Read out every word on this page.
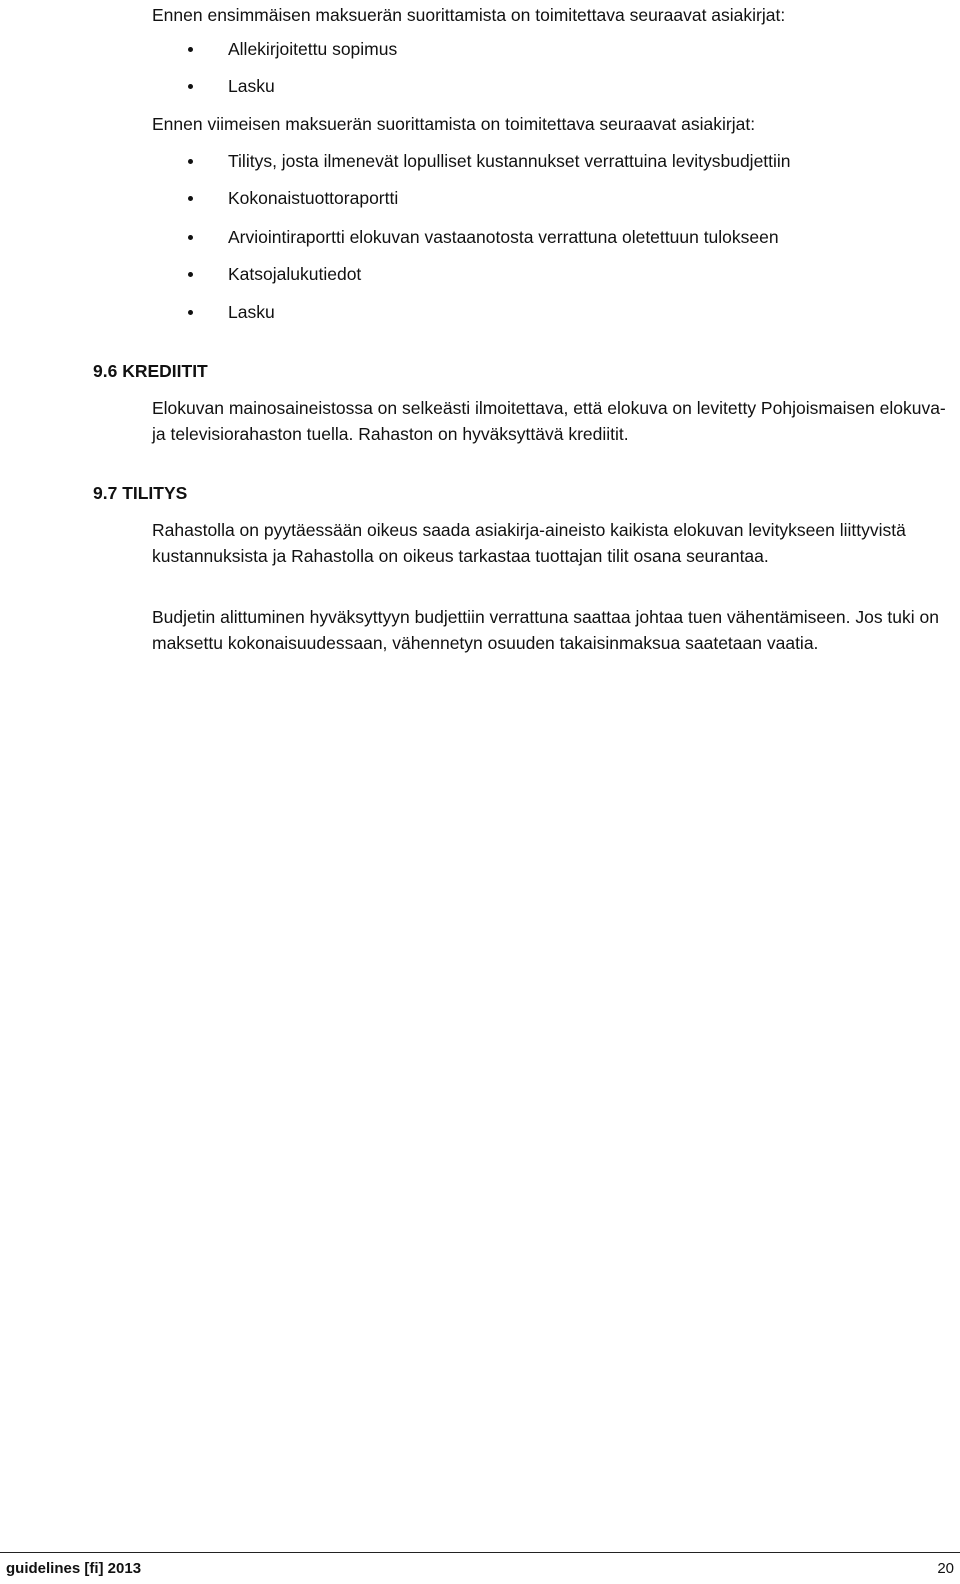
Ennen ensimmäisen maksuerän suorittamista on toimitettava seuraavat asiakirjat:
Allekirjoitettu sopimus
Lasku
Ennen viimeisen maksuerän suorittamista on toimitettava seuraavat asiakirjat:
Tilitys, josta ilmenevät lopulliset kustannukset verrattuina levitysbudjettiin
Kokonaistuottoraportti
Arviointiraportti elokuvan vastaanotosta verrattuna oletettuun tulokseen
Katsojalukutiedot
Lasku
9.6 KREDIITIT
Elokuvan mainosaineistossa on selkeästi ilmoitettava, että elokuva on levitetty Pohjoismaisen elokuva- ja televisiorahaston tuella. Rahaston on hyväksyttävä krediitit.
9.7 TILITYS
Rahastolla on pyytäessään oikeus saada asiakirja-aineisto kaikista elokuvan levitykseen liittyvistä kustannuksista ja Rahastolla on oikeus tarkastaa tuottajan tilit osana seurantaa.
Budjetin alittuminen hyväksyttyyn budjettiin verrattuna saattaa johtaa tuen vähentämiseen. Jos tuki on maksettu kokonaisuudessaan, vähennetyn osuuden takaisinmaksua saatetaan vaatia.
guidelines [fi] 2013	20
